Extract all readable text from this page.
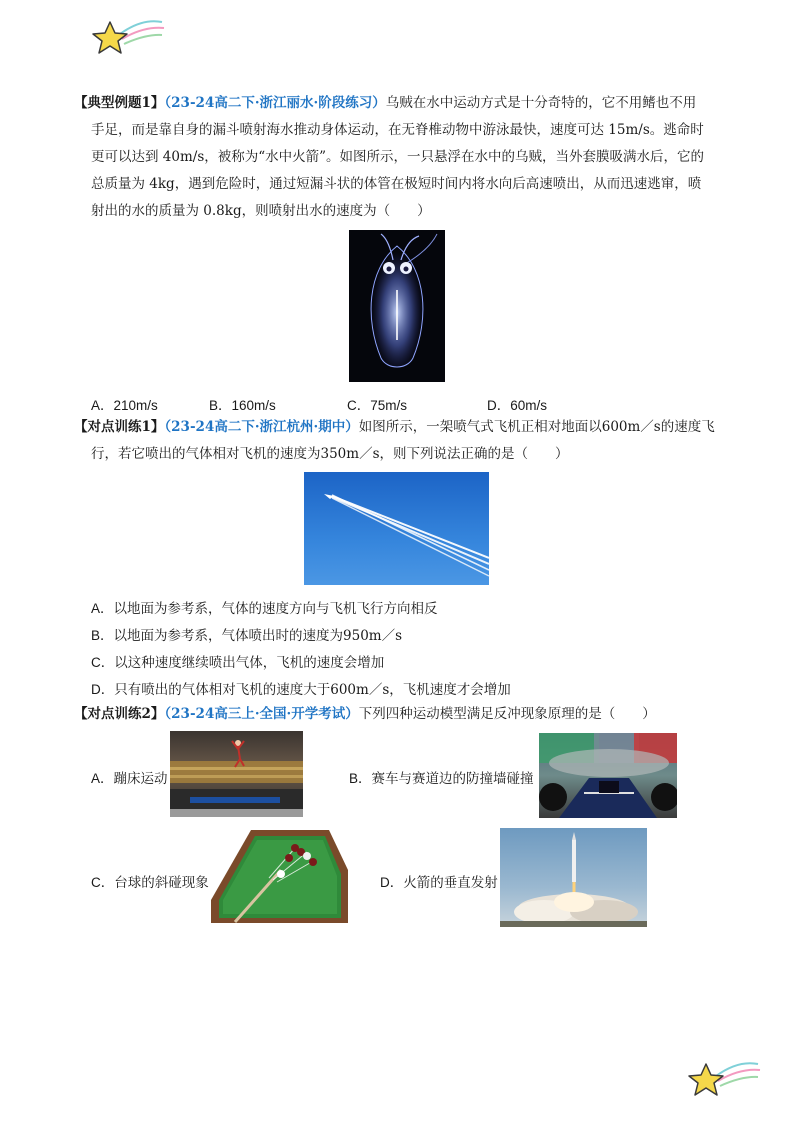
【典型例题1】（23-24高二下·浙江丽水·阶段练习）乌贼在水中运动方式是十分奇特的，它不用鳍也不用
手足，而是靠自身的漏斗喷射海水推动身体运动，在无脊椎动物中游泳最快，速度可达 15m/s。逃命时
更可以达到 40m/s，被称为“水中火箭”。如图所示，一只悬浮在水中的乌贼，当外套膜吸满水后，它的
总质量为 4kg，遇到危险时，通过短漏斗状的体管在极短时间内将水向后高速喷出，从而迅速逃窜，喷
射出的水的质量为 0.8kg，则喷射出水的速度为（　　）
A．210m/s	B．160m/s	C．75m/s	D．60m/s
【对点训练1】（23-24高二下·浙江杭州·期中）如图所示，一架喷气式飞机正相对地面以600m／s的速度飞
行，若它喷出的气体相对飞机的速度为350m／s，则下列说法正确的是（　　）
A．以地面为参考系，气体的速度方向与飞机飞行方向相反
B．以地面为参考系，气体喷出时的速度为950m／s
C．以这种速度继续喷出气体，飞机的速度会增加
D．只有喷出的气体相对飞机的速度大于600m／s，飞机速度才会增加
【对点训练2】（23-24高三上·全国·开学考试）下列四种运动模型满足反冲现象原理的是（　　）
A．蹦床运动	B．赛车与赛道边的防撞墙碰撞
C．台球的斜碰现象	D．火箭的垂直发射
